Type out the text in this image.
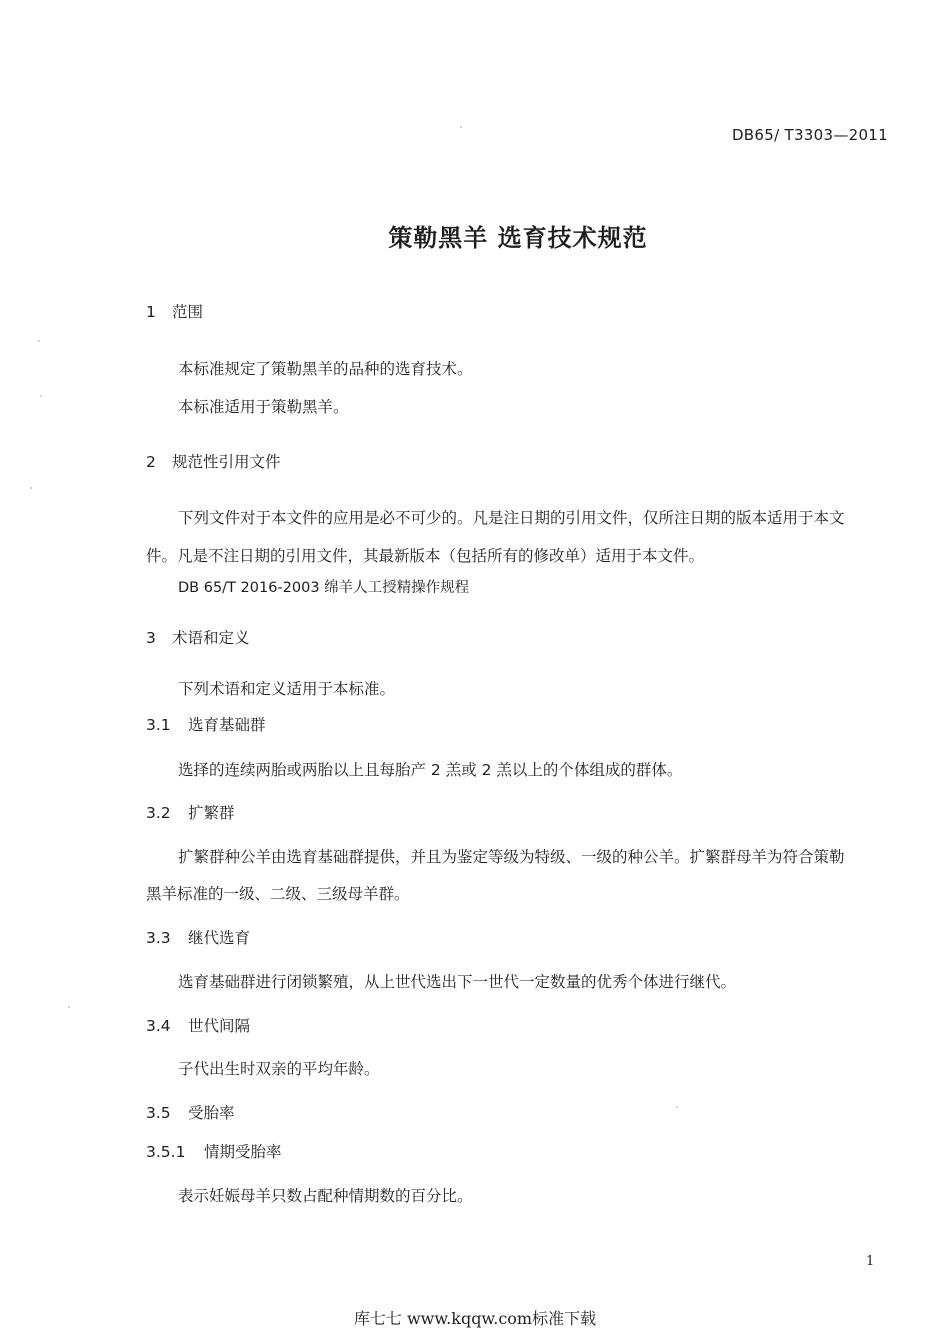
DB65/ T3303—2011
策勒黑羊 选育技术规范
1 范围
本标准规定了策勒黑羊的品种的选育技术。
本标准适用于策勒黑羊。
2 规范性引用文件
下列文件对于本文件的应用是必不可少的。凡是注日期的引用文件，仅所注日期的版本适用于本文
件。凡是不注日期的引用文件，其最新版本（包括所有的修改单）适用于本文件。
DB 65/T 2016-2003 绵羊人工授精操作规程
3 术语和定义
下列术语和定义适用于本标准。
3.1 选育基础群
选择的连续两胎或两胎以上且每胎产 2 羔或 2 羔以上的个体组成的群体。
3.2 扩繁群
扩繁群种公羊由选育基础群提供，并且为鉴定等级为特级、一级的种公羊。扩繁群母羊为符合策勒
黑羊标准的一级、二级、三级母羊群。
3.3 继代选育
选育基础群进行闭锁繁殖，从上世代选出下一世代一定数量的优秀个体进行继代。
3.4 世代间隔
子代出生时双亲的平均年龄。
3.5 受胎率
3.5.1 情期受胎率
表示妊娠母羊只数占配种情期数的百分比。
1
库七七 www.kqqw.com标准下载
